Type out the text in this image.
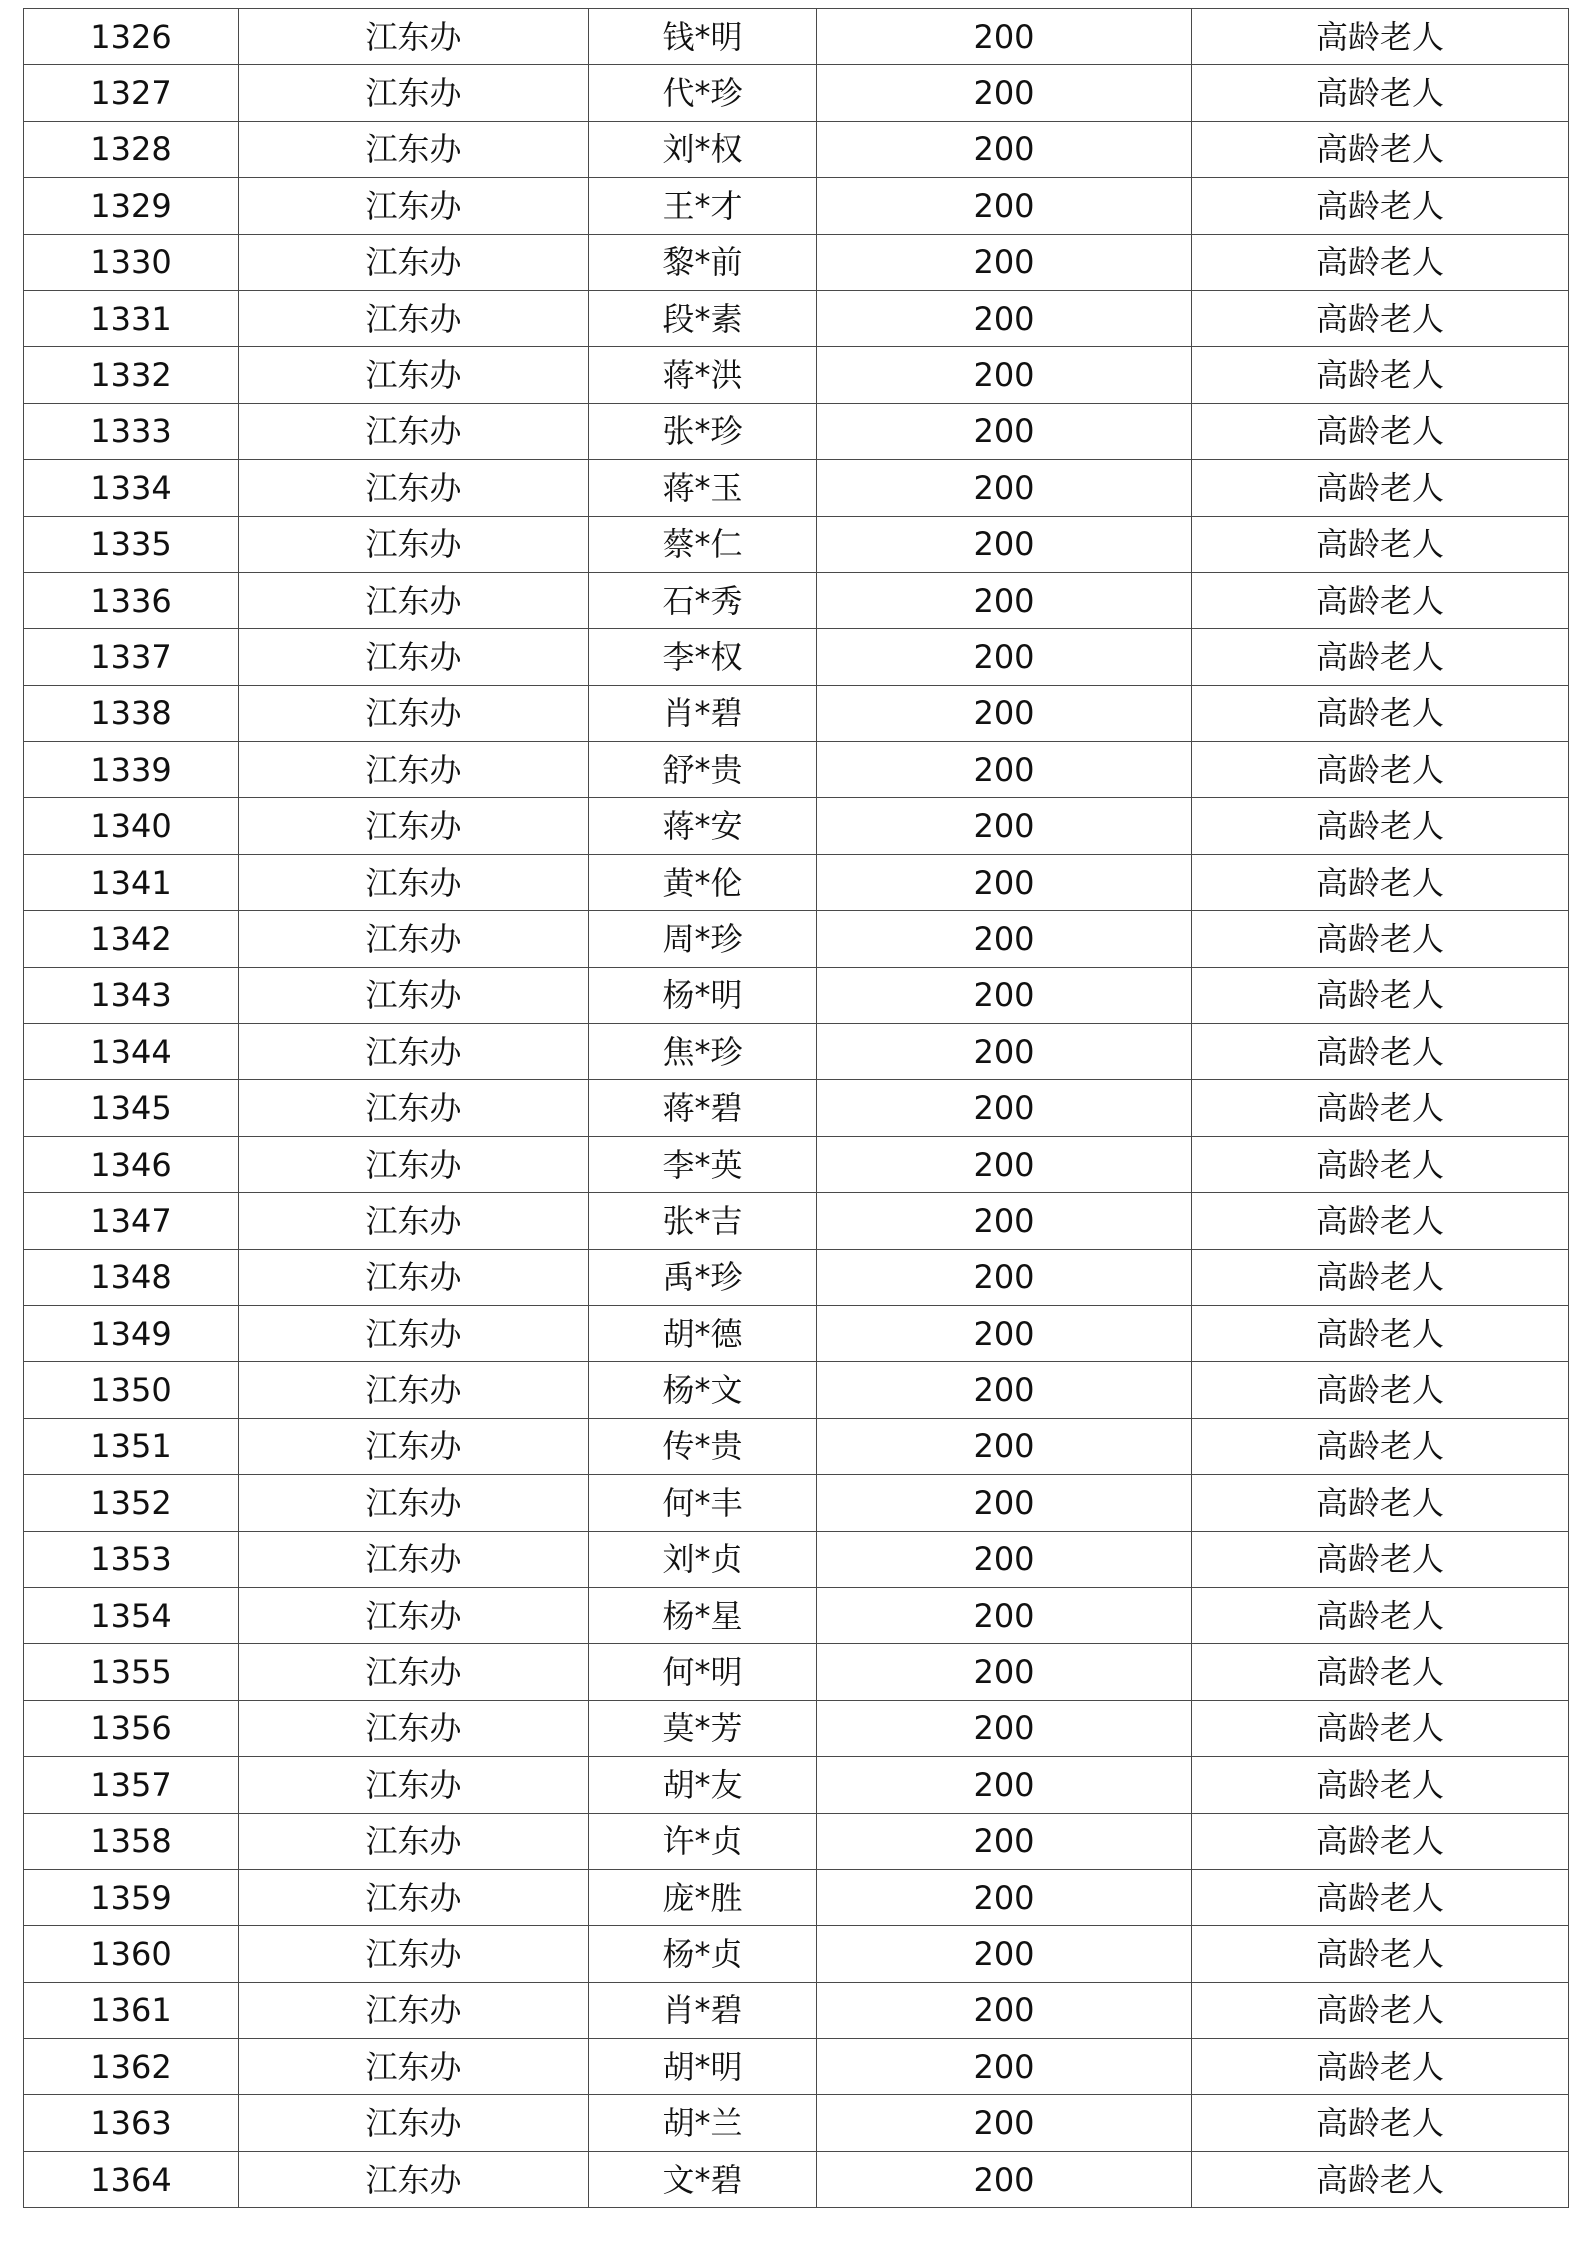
1326	江东办	钱*明	200	高龄老人
1327	江东办	代*珍	200	高龄老人
1328	江东办	刘*权	200	高龄老人
1329	江东办	王*才	200	高龄老人
1330	江东办	黎*前	200	高龄老人
1331	江东办	段*素	200	高龄老人
1332	江东办	蒋*洪	200	高龄老人
1333	江东办	张*珍	200	高龄老人
1334	江东办	蒋*玉	200	高龄老人
1335	江东办	蔡*仁	200	高龄老人
1336	江东办	石*秀	200	高龄老人
1337	江东办	李*权	200	高龄老人
1338	江东办	肖*碧	200	高龄老人
1339	江东办	舒*贵	200	高龄老人
1340	江东办	蒋*安	200	高龄老人
1341	江东办	黄*伦	200	高龄老人
1342	江东办	周*珍	200	高龄老人
1343	江东办	杨*明	200	高龄老人
1344	江东办	焦*珍	200	高龄老人
1345	江东办	蒋*碧	200	高龄老人
1346	江东办	李*英	200	高龄老人
1347	江东办	张*吉	200	高龄老人
1348	江东办	禹*珍	200	高龄老人
1349	江东办	胡*德	200	高龄老人
1350	江东办	杨*文	200	高龄老人
1351	江东办	传*贵	200	高龄老人
1352	江东办	何*丰	200	高龄老人
1353	江东办	刘*贞	200	高龄老人
1354	江东办	杨*星	200	高龄老人
1355	江东办	何*明	200	高龄老人
1356	江东办	莫*芳	200	高龄老人
1357	江东办	胡*友	200	高龄老人
1358	江东办	许*贞	200	高龄老人
1359	江东办	庞*胜	200	高龄老人
1360	江东办	杨*贞	200	高龄老人
1361	江东办	肖*碧	200	高龄老人
1362	江东办	胡*明	200	高龄老人
1363	江东办	胡*兰	200	高龄老人
1364	江东办	文*碧	200	高龄老人
